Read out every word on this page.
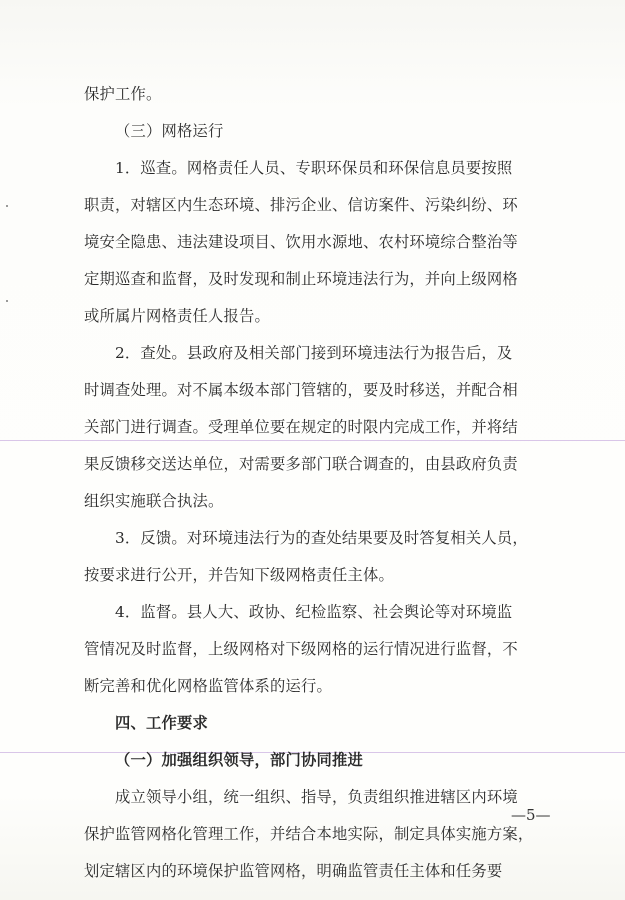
保护工作。
（三）网格运行
1．巡查。网格责任人员、专职环保员和环保信息员要按照
职责，对辖区内生态环境、排污企业、信访案件、污染纠纷、环
境安全隐患、违法建设项目、饮用水源地、农村环境综合整治等
定期巡查和监督，及时发现和制止环境违法行为，并向上级网格
或所属片网格责任人报告。
2．查处。县政府及相关部门接到环境违法行为报告后，及
时调查处理。对不属本级本部门管辖的，要及时移送，并配合相
关部门进行调查。受理单位要在规定的时限内完成工作，并将结
果反馈移交送达单位，对需要多部门联合调查的，由县政府负责
组织实施联合执法。
3．反馈。对环境违法行为的查处结果要及时答复相关人员，
按要求进行公开，并告知下级网格责任主体。
4．监督。县人大、政协、纪检监察、社会舆论等对环境监
管情况及时监督，上级网格对下级网格的运行情况进行监督，不
断完善和优化网格监管体系的运行。
四、工作要求
（一）加强组织领导，部门协同推进
成立领导小组，统一组织、指导，负责组织推进辖区内环境
保护监管网格化管理工作，并结合本地实际，制定具体实施方案，
划定辖区内的环境保护监管网格，明确监管责任主体和任务要
—5—
